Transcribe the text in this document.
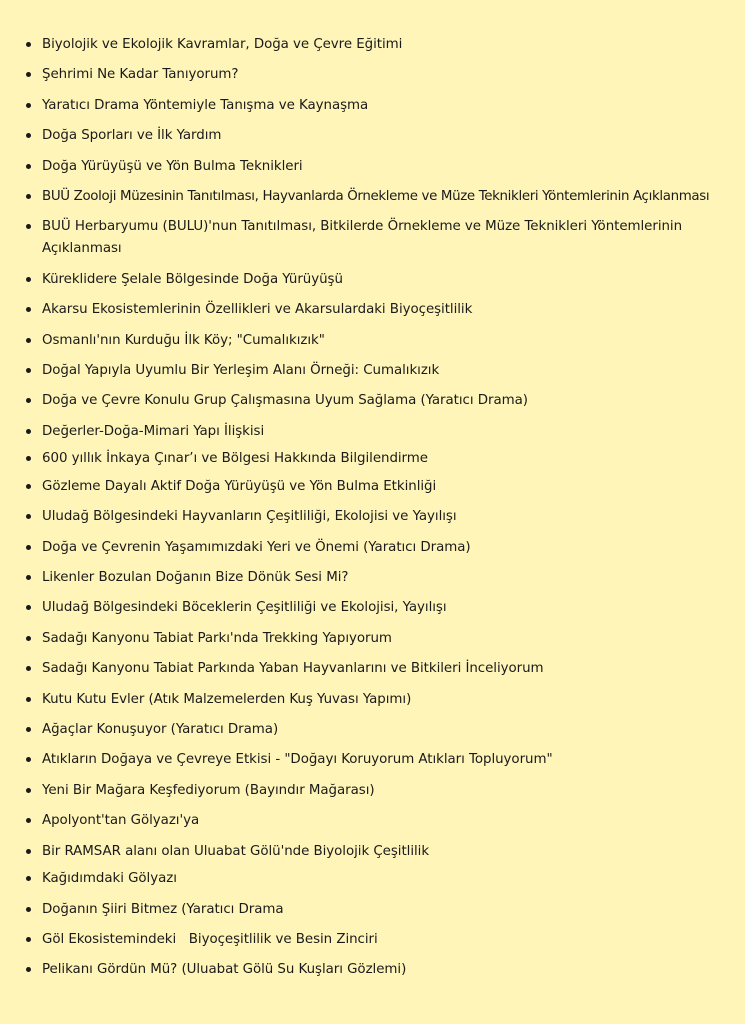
Biyolojik ve Ekolojik Kavramlar, Doğa ve Çevre Eğitimi
Şehrimi Ne Kadar Tanıyorum?
Yaratıcı Drama Yöntemiyle Tanışma ve Kaynaşma
Doğa Sporları ve İlk Yardım
Doğa Yürüyüşü ve Yön Bulma Teknikleri
BUÜ Zooloji Müzesinin Tanıtılması, Hayvanlarda Örnekleme ve Müze Teknikleri Yöntemlerinin Açıklanması
BUÜ Herbaryumu (BULU)'nun Tanıtılması, Bitkilerde Örnekleme ve Müze Teknikleri Yöntemlerinin Açıklanması
Küreklidere Şelale Bölgesinde Doğa Yürüyüşü
Akarsu Ekosistemlerinin Özellikleri ve Akarsulardaki Biyoçeşitlilik
Osmanlı'nın Kurduğu İlk Köy; "Cumalıkızık"
Doğal Yapıyla Uyumlu Bir Yerleşim Alanı Örneği: Cumalıkızık
Doğa ve Çevre Konulu Grup Çalışmasına Uyum Sağlama (Yaratıcı Drama)
Değerler-Doğa-Mimari Yapı İlişkisi
600 yıllık İnkaya Çınar’ı ve Bölgesi Hakkında Bilgilendirme
Gözleme Dayalı Aktif Doğa Yürüyüşü ve Yön Bulma Etkinliği
Uludağ Bölgesindeki Hayvanların Çeşitliliği, Ekolojisi ve Yayılışı
Doğa ve Çevrenin Yaşamımızdaki Yeri ve Önemi (Yaratıcı Drama)
Likenler Bozulan Doğanın Bize Dönük Sesi Mi?
Uludağ Bölgesindeki Böceklerin Çeşitliliği ve Ekolojisi, Yayılışı
Sadağı Kanyonu Tabiat Parkı'nda Trekking Yapıyorum
Sadağı Kanyonu Tabiat Parkında Yaban Hayvanlarını ve Bitkileri İnceliyorum
Kutu Kutu Evler (Atık Malzemelerden Kuş Yuvası Yapımı)
Ağaçlar Konuşuyor (Yaratıcı Drama)
Atıkların Doğaya ve Çevreye Etkisi - "Doğayı Koruyorum Atıkları Topluyorum"
Yeni Bir Mağara Keşfediyorum (Bayındır Mağarası)
Apolyont'tan Gölyazı'ya
Bir RAMSAR alanı olan Uluabat Gölü'nde Biyolojik Çeşitlilik
Kağıdımdaki Gölyazı
Doğanın Şiiri Bitmez (Yaratıcı Drama
Göl Ekosistemindeki   Biyoçeşitlilik ve Besin Zinciri
Pelikanı Gördün Mü? (Uluabat Gölü Su Kuşları Gözlemi)
